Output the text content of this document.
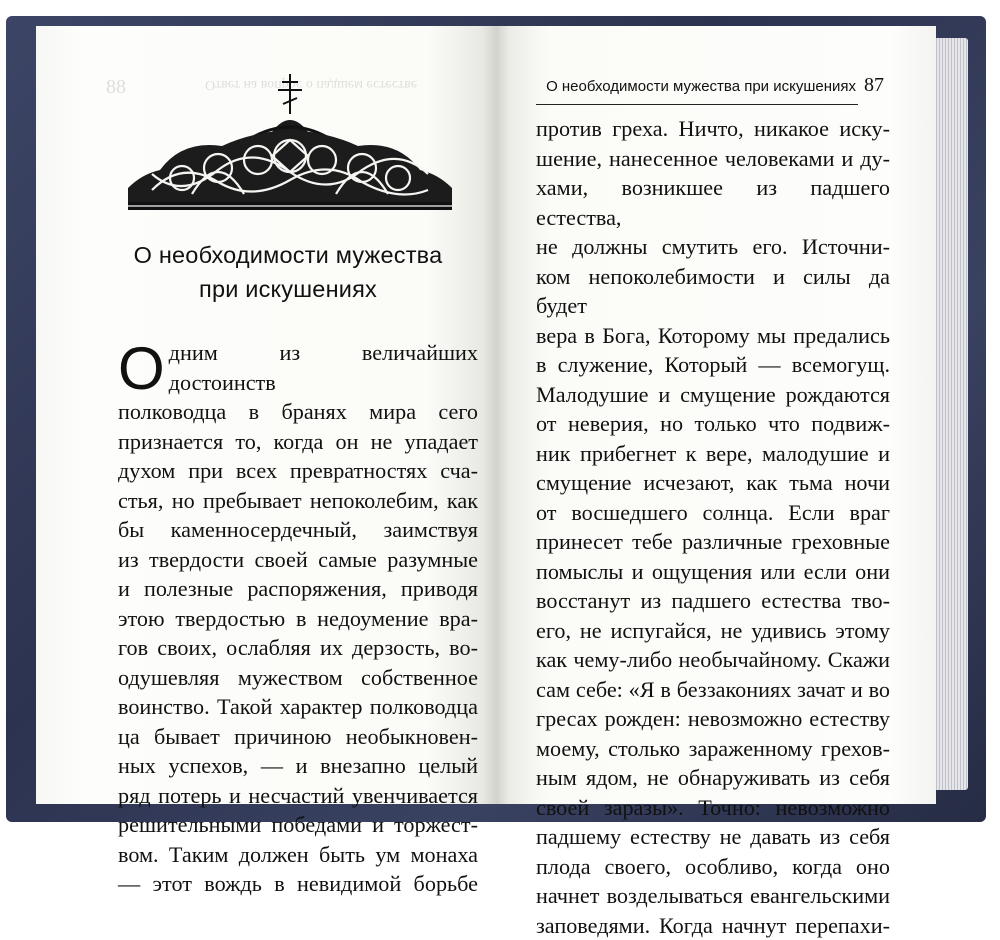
88	Ответ на вопрос о падшем естестве
О необходимости мужества
при искушениях
О дним из величайших достоинств
полководца в бранях мира сего
признается то, когда он не упадает
духом при всех превратностях сча-
стья, но пребывает непоколебим, как
бы каменносердечный, заимствуя
из твердости своей самые разумные
и полезные распоряжения, приводя
этою твердостью в недоумение вра-
гов своих, ослабляя их дерзость, во-
одушевляя мужеством собственное
воинство. Такой характер полководца
ца бывает причиною необыкновен-
ных успехов, — и внезапно целый
ряд потерь и несчастий увенчивается
решительными победами и торжест-
вом. Таким должен быть ум монаха
— этот вождь в невидимой борьбе
О необходимости мужества при искушениях 87
против греха. Ничто, никакое иску-
шение, нанесенное человеками и ду-
хами, возникшее из падшего естества,
не должны смутить его. Источни-
ком непоколебимости и силы да будет
вера в Бога, Которому мы предались
в служение, Который — всемогущ.
Малодушие и смущение рождаются
от неверия, но только что подвиж-
ник прибегнет к вере, малодушие и
смущение исчезают, как тьма ночи
от восшедшего солнца. Если враг
принесет тебе различные греховные
помыслы и ощущения или если они
восстанут из падшего естества тво-
его, не испугайся, не удивись этому
как чему-либо необычайному. Скажи
сам себе: «Я в беззакониях зачат и во
гресах рожден: невозможно естеству
моему, столько зараженному грехов-
ным ядом, не обнаруживать из себя
своей заразы». Точно: невозможно
падшему естеству не давать из себя
плода своего, особливо, когда оно
начнет возделываться евангельскими
заповедями. Когда начнут перепахи-
